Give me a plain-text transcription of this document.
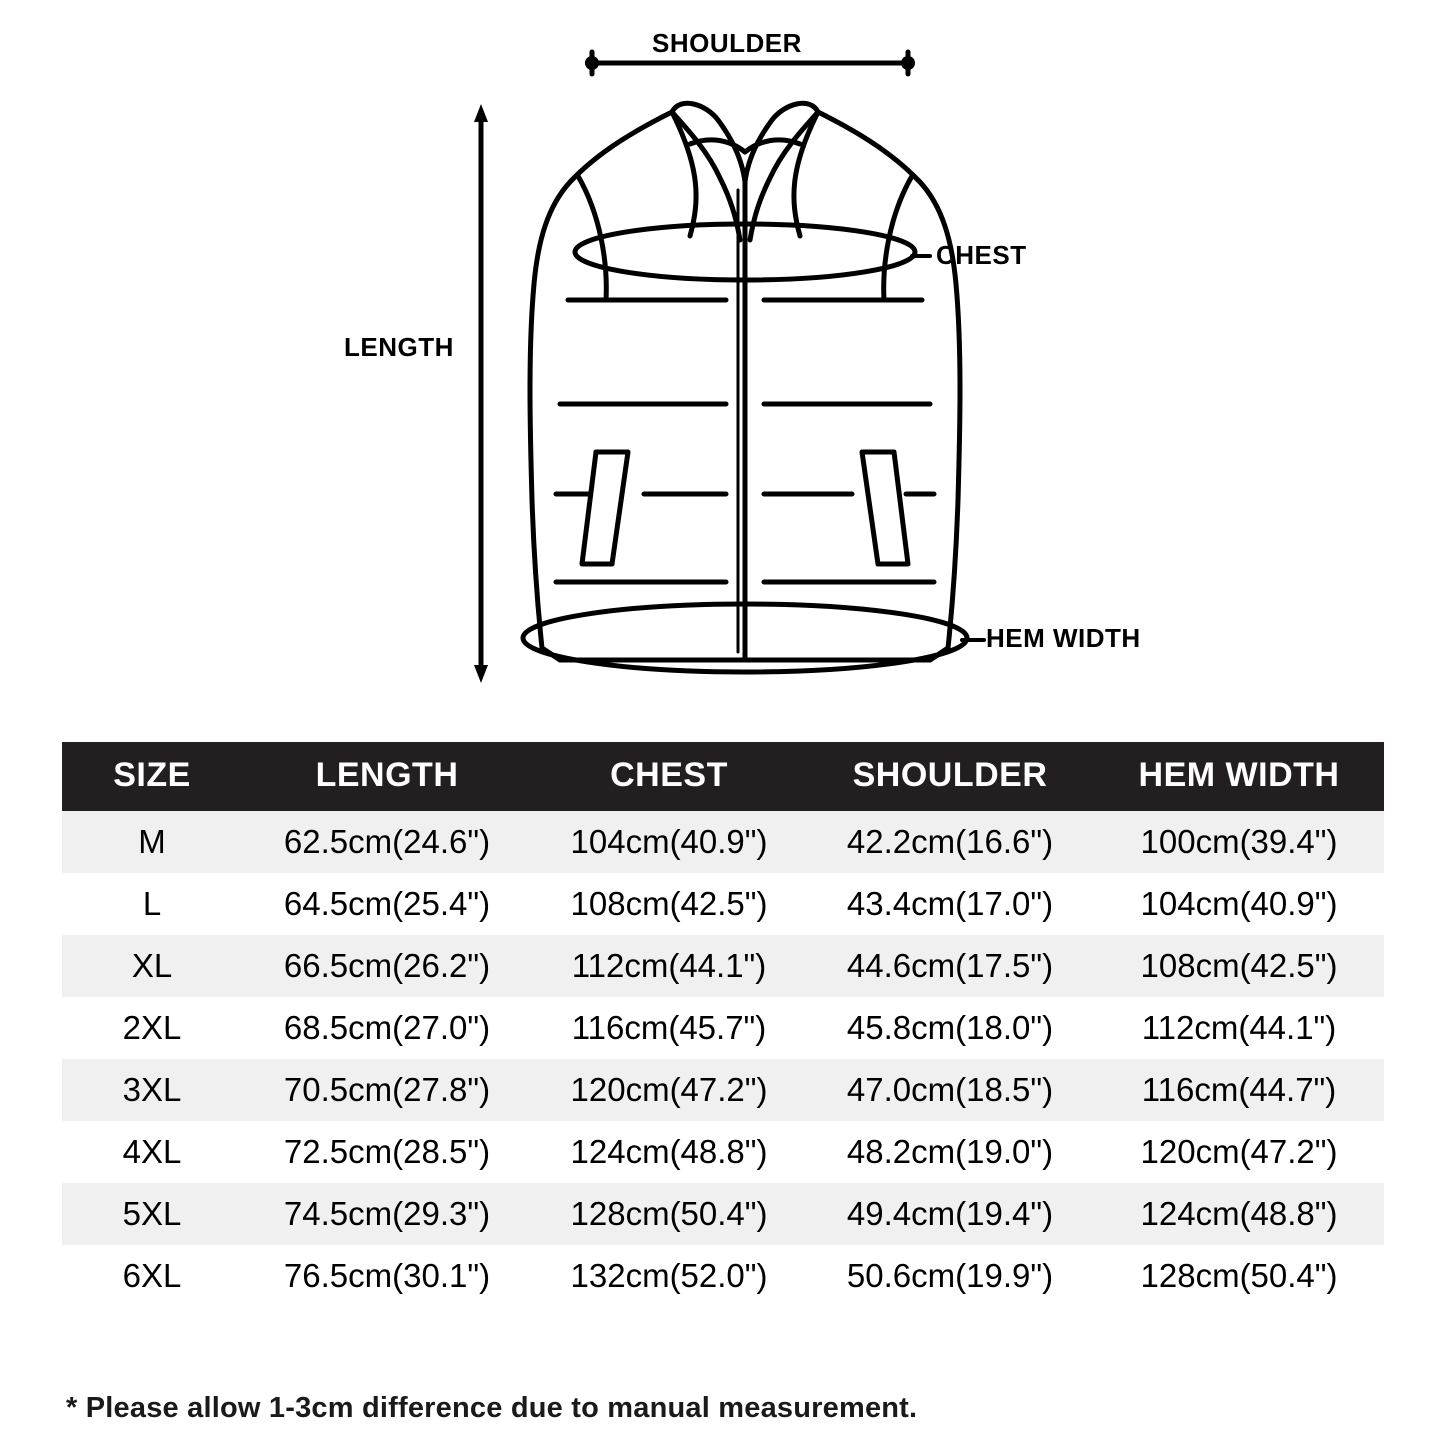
SHOULDER
CHEST
LENGTH
HEM WIDTH
SIZE	LENGTH	CHEST	SHOULDER	HEM WIDTH
M	62.5cm(24.6")	104cm(40.9")	42.2cm(16.6")	100cm(39.4")
L	64.5cm(25.4")	108cm(42.5")	43.4cm(17.0")	104cm(40.9")
XL	66.5cm(26.2")	112cm(44.1")	44.6cm(17.5")	108cm(42.5")
2XL	68.5cm(27.0")	116cm(45.7")	45.8cm(18.0")	112cm(44.1")
3XL	70.5cm(27.8")	120cm(47.2")	47.0cm(18.5")	116cm(44.7")
4XL	72.5cm(28.5")	124cm(48.8")	48.2cm(19.0")	120cm(47.2")
5XL	74.5cm(29.3")	128cm(50.4")	49.4cm(19.4")	124cm(48.8")
6XL	76.5cm(30.1")	132cm(52.0")	50.6cm(19.9")	128cm(50.4")
* Please allow 1-3cm difference due to manual measurement.
